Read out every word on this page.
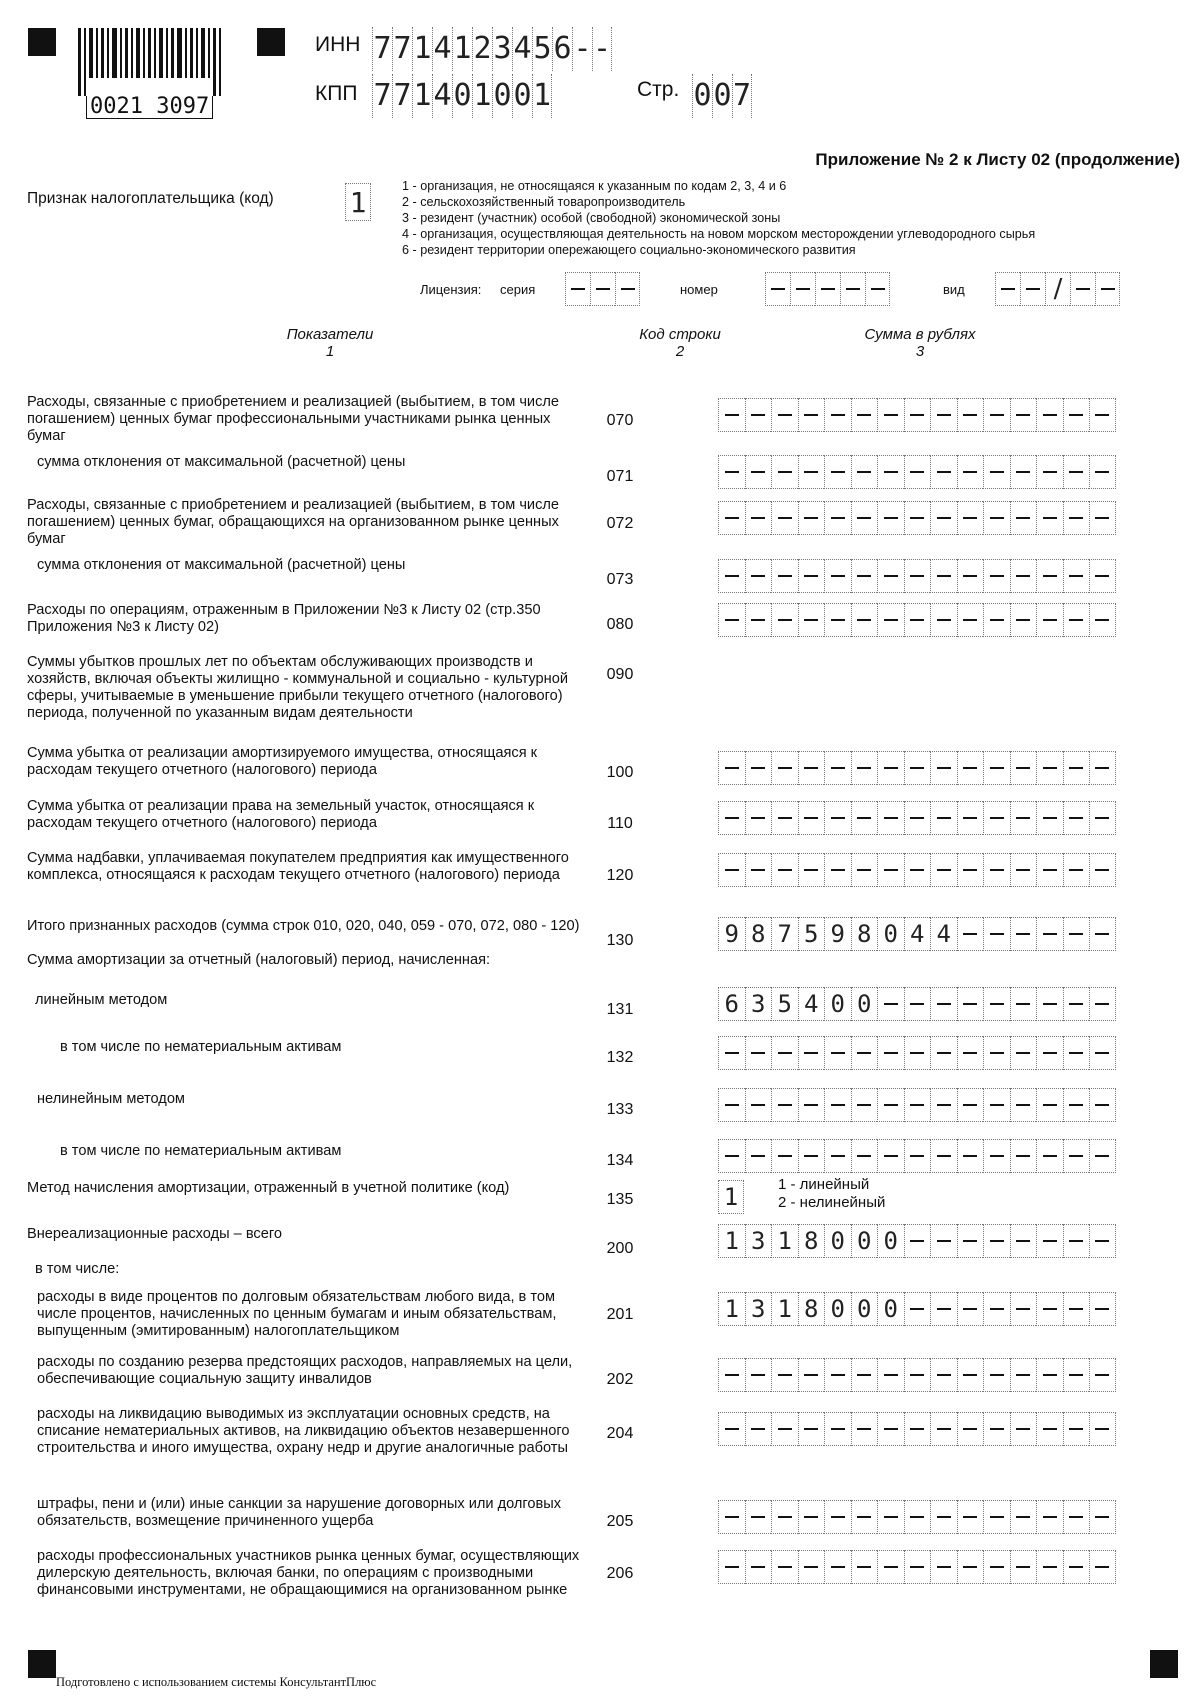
0021 3097
ИНН 7 7 1 4 1 2 3 4 5 6 - -
КПП 7 7 1 4 0 1 0 0 1	Стр. 0 0 7
Приложение № 2 к Листу 02 (продолжение)
Признак налогоплательщика (код)	1	1 - организация, не относящаяся к указанным по кодам 2, 3, 4 и 6
2 - сельскохозяйственный товаропроизводитель
3 - резидент (участник) особой (свободной) экономической зоны
4 - организация, осуществляющая деятельность на новом морском месторождении углеводородного сырья
6 - резидент территории опережающего социально-экономического развития
Лицензия: серия	номер	вид	/
Показатели
1
Код строки
2
Сумма в рублях
3
Расходы, связанные с приобретением и реализацией (выбытием, в том числе погашением) ценных бумаг профессиональными участниками рынка ценных бумаг
070
сумма отклонения от максимальной (расчетной) цены
071
Расходы, связанные с приобретением и реализацией (выбытием, в том числе погашением) ценных бумаг, обращающихся на организованном рынке ценных бумаг
072
сумма отклонения от максимальной (расчетной) цены
073
Расходы по операциям, отраженным в Приложении №3 к Листу 02 (стр.350 Приложения №3 к Листу 02)	080
Суммы убытков прошлых лет по объектам обслуживающих производств и хозяйств, включая объекты жилищно - коммунальной и социально - культурной сферы, учитываемые в уменьшение прибыли текущего отчетного (налогового) периода, полученной по указанным видам деятельности
090
Сумма убытка от реализации амортизируемого имущества, относящаяся к расходам текущего отчетного (налогового) периода	100
Сумма убытка от реализации права на земельный участок, относящаяся к расходам текущего отчетного (налогового) периода	110
Сумма надбавки, уплачиваемая покупателем предприятия как имущественного комплекса, относящаяся к расходам текущего отчетного (налогового) периода	120
Итого признанных расходов (сумма строк 010, 020, 040, 059 - 070, 072, 080 - 120)
130	9 8 7 5 9 8 0 4 4
Сумма амортизации за отчетный (налоговый) период, начисленная:
линейным методом
131	6 3 5 4 0 0
в том числе по нематериальным активам
132
нелинейным методом
133
в том числе по нематериальным активам
134
Метод начисления амортизации, отраженный в учетной политике (код)
135	1
Внереализационные расходы – всего
200	1 3 1 8 0 0 0
в том числе:
расходы в виде процентов по долговым обязательствам любого вида, в том числе процентов, начисленных по ценным бумагам и иным обязательствам, выпущенным (эмитированным) налогоплательщиком
201	1 3 1 8 0 0 0
расходы по созданию резерва предстоящих расходов, направляемых на цели, обеспечивающие социальную защиту инвалидов	202
расходы на ликвидацию выводимых из эксплуатации основных средств, на списание нематериальных активов, на ликвидацию объектов незавершенного строительства и иного имущества, охрану недр и другие аналогичные работы
204
штрафы, пени и (или) иные санкции за нарушение договорных или долговых обязательств, возмещение причиненного ущерба	205
расходы профессиональных участников рынка ценных бумаг, осуществляющих дилерскую деятельность, включая банки, по операциям с производными финансовыми инструментами, не обращающимися на организованном рынке
206
1 - линейный
2 - нелинейный
Подготовлено с использованием системы КонсультантПлюс
